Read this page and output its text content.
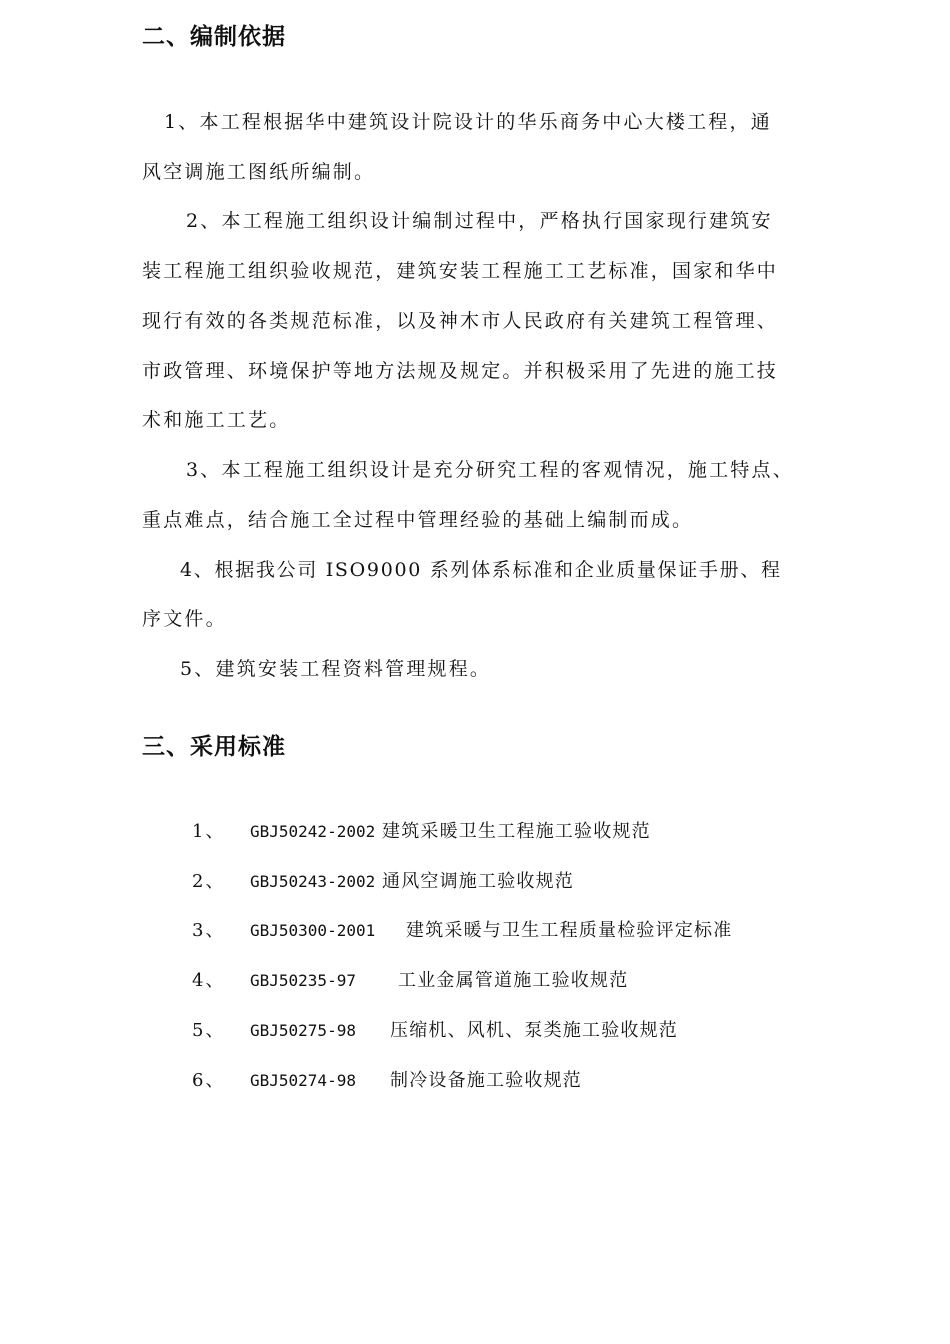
二、编制依据
1、本工程根据华中建筑设计院设计的华乐商务中心大楼工程，通
风空调施工图纸所编制。
2、本工程施工组织设计编制过程中，严格执行国家现行建筑安
装工程施工组织验收规范，建筑安装工程施工工艺标准，国家和华中
现行有效的各类规范标准，以及神木市人民政府有关建筑工程管理、
市政管理、环境保护等地方法规及规定。并积极采用了先进的施工技
术和施工工艺。
3、本工程施工组织设计是充分研究工程的客观情况，施工特点、
重点难点，结合施工全过程中管理经验的基础上编制而成。
4、根据我公司 ISO9000 系列体系标准和企业质量保证手册、程
序文件。
5、建筑安装工程资料管理规程。
三、采用标准
1、 GBJ50242-2002 建筑采暖卫生工程施工验收规范
2、 GBJ50243-2002 通风空调施工验收规范
3、 GBJ50300-2001 建筑采暖与卫生工程质量检验评定标准
4、 GBJ50235-97 工业金属管道施工验收规范
5、 GBJ50275-98 压缩机、风机、泵类施工验收规范
6、 GBJ50274-98 制冷设备施工验收规范
